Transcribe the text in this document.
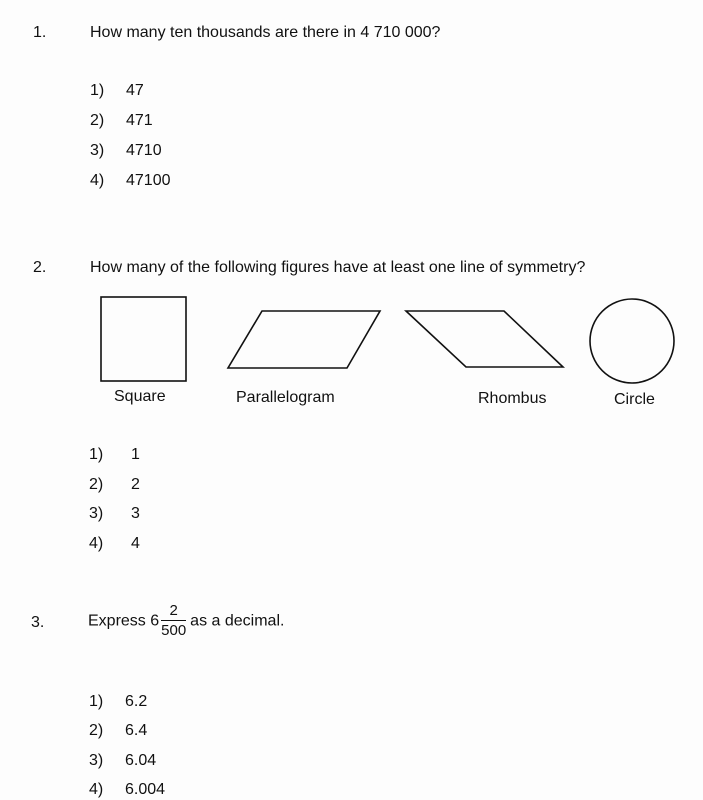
1.	How many ten thousands are there in 4 710 000?
1) 47
2) 471
3) 4710
4) 47100
2.	How many of the following figures have at least one line of symmetry?
Square	Parallelogram	Rhombus	Circle
1) 1
2) 2
3) 3
4) 4
3.	Express $6 \frac{2}{500}$ as a decimal.
1) 6.2
2) 6.4
3) 6.04
4) 6.004
